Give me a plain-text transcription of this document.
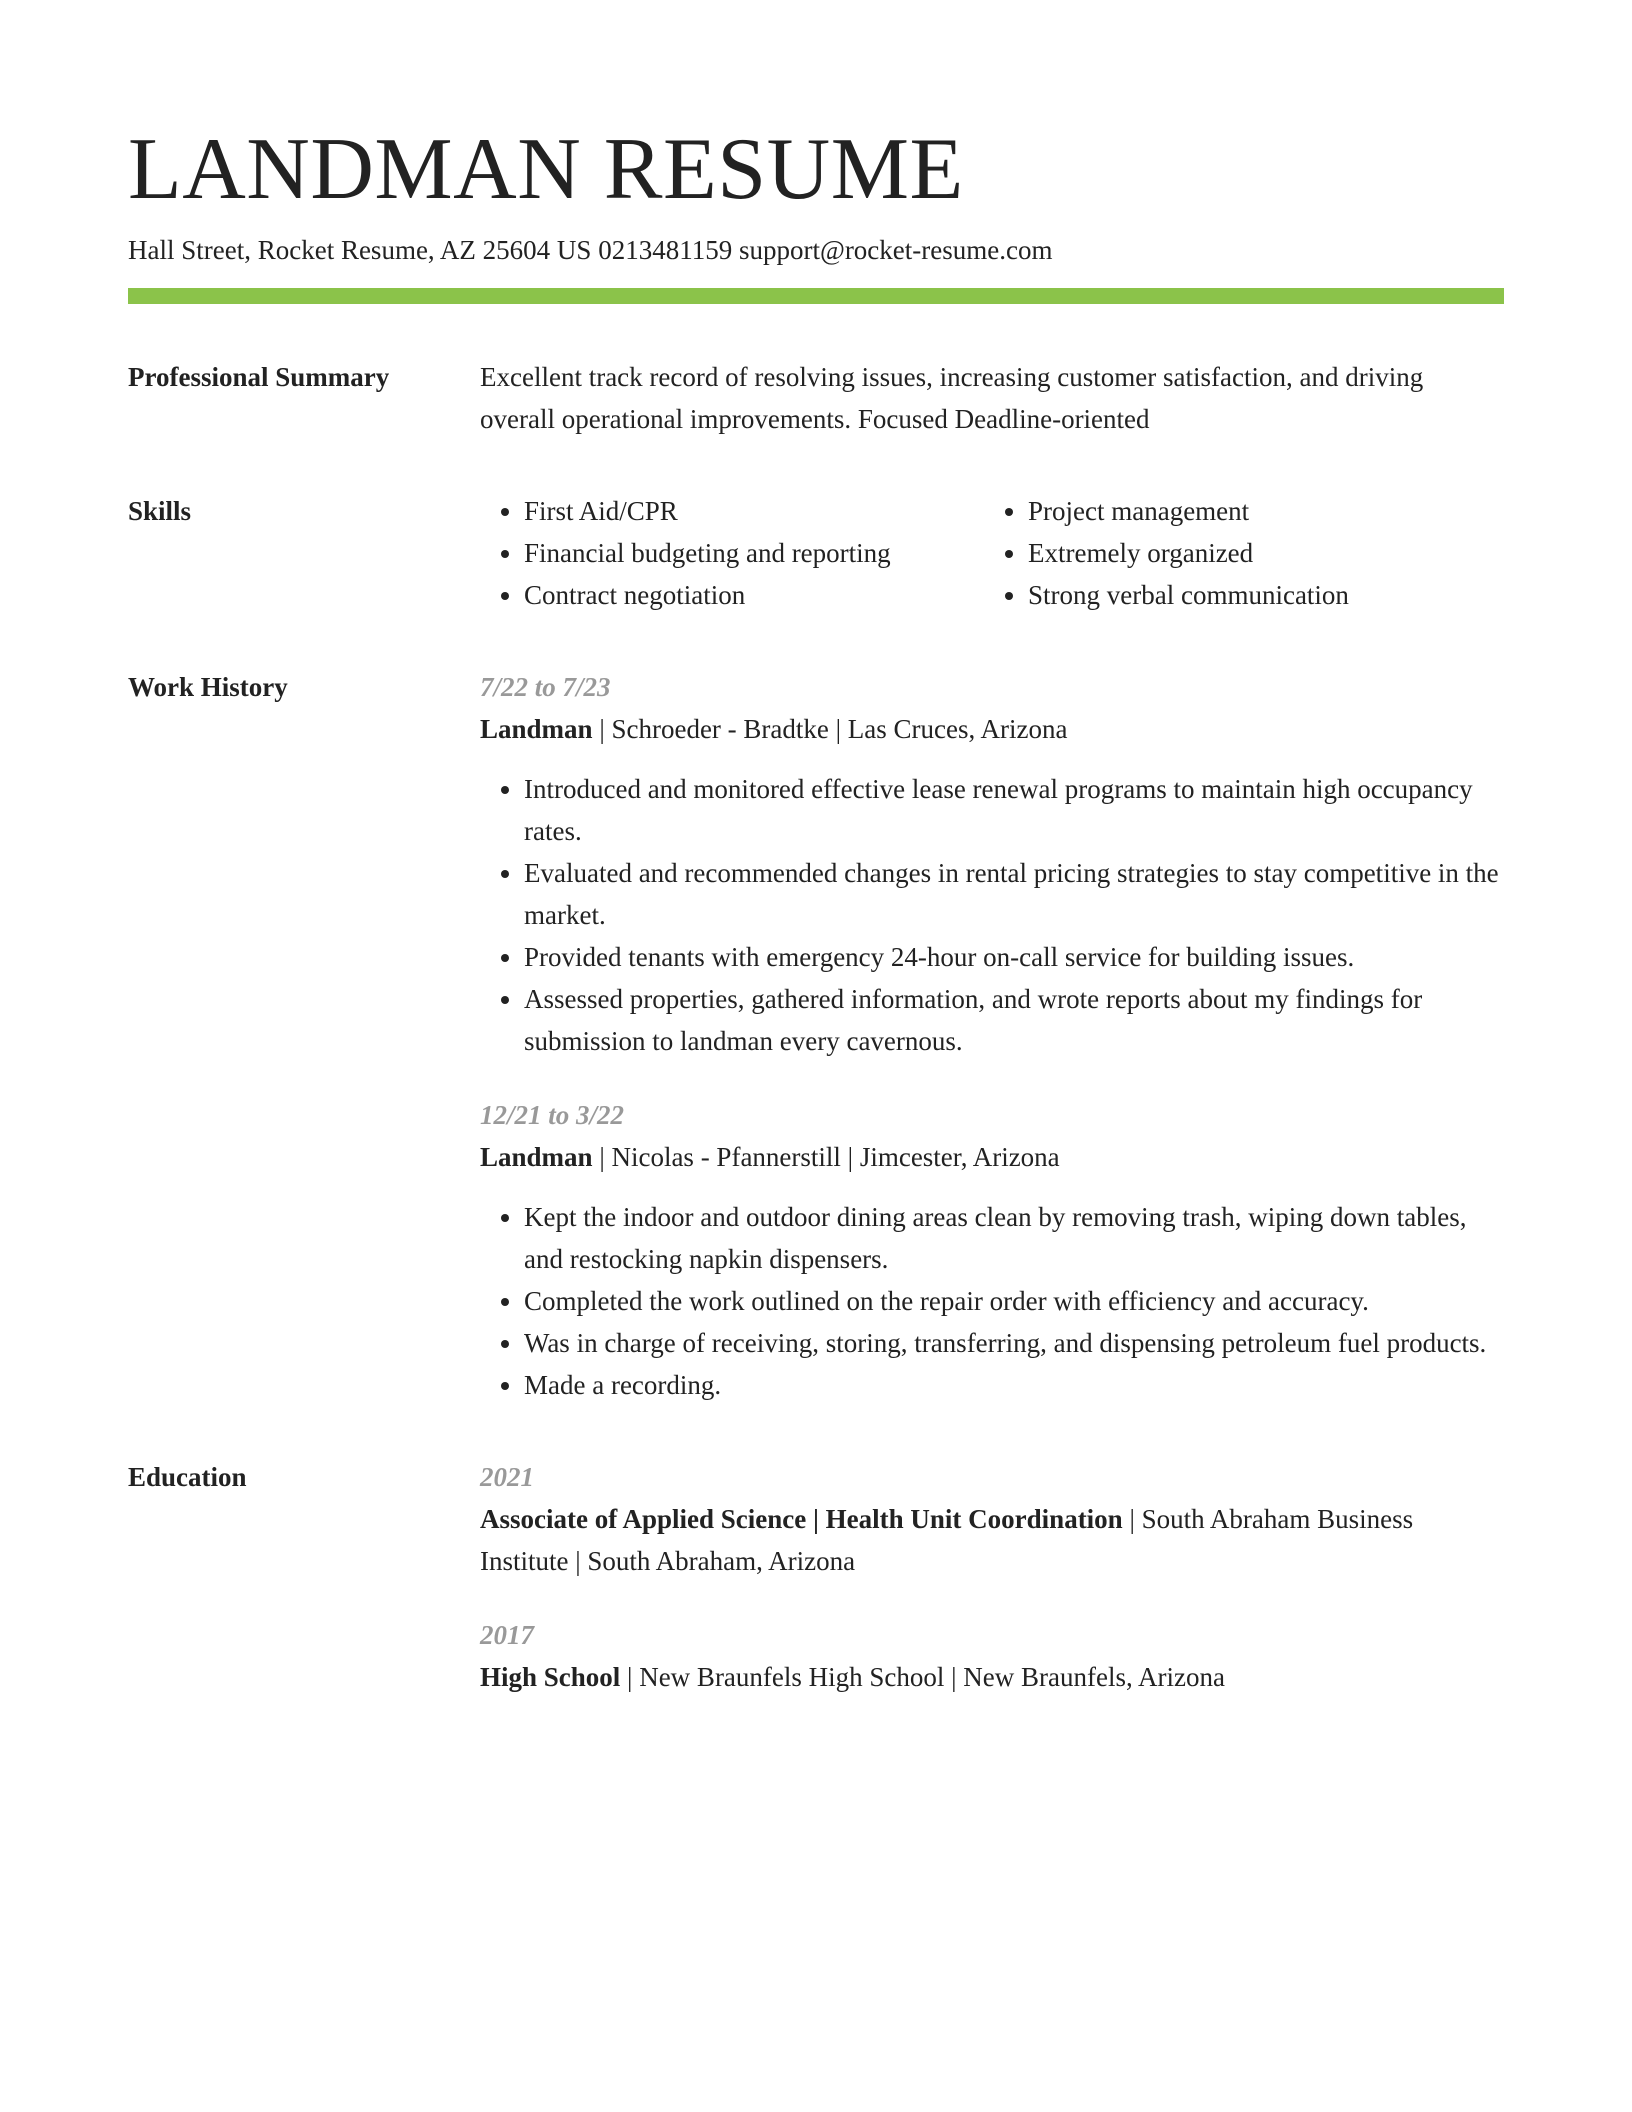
LANDMAN RESUME
Hall Street, Rocket Resume, AZ 25604 US 0213481159 support@rocket-resume.com
Professional Summary	Excellent track record of resolving issues, increasing customer satisfaction, and driving overall operational improvements. Focused Deadline-oriented

Skills
•	First Aid/CPR
• Financial budgeting and reporting
• Contract negotiation
• Project management
• Extremely organized
• Strong verbal communication
Work History	7/22 to 7/23
Landman | Schroeder - Bradtke | Las Cruces, Arizona
• Introduced and monitored effective lease renewal programs to maintain high occupancy rates.
• Evaluated and recommended changes in rental pricing strategies to stay competitive in the market.
• Provided tenants with emergency 24-hour on-call service for building issues.
• Assessed properties, gathered information, and wrote reports about my findings for submission to landman every cavernous.
12/21 to 3/22
Landman | Nicolas - Pfannerstill | Jimcester, Arizona
• Kept the indoor and outdoor dining areas clean by removing trash, wiping down tables, and restocking napkin dispensers.
• Completed the work outlined on the repair order with efficiency and accuracy.
• Was in charge of receiving, storing, transferring, and dispensing petroleum fuel products.
• Made a recording.
Education	2021
Associate of Applied Science | Health Unit Coordination | South Abraham Business Institute | South Abraham, Arizona
2017
High School | New Braunfels High School | New Braunfels, Arizona
